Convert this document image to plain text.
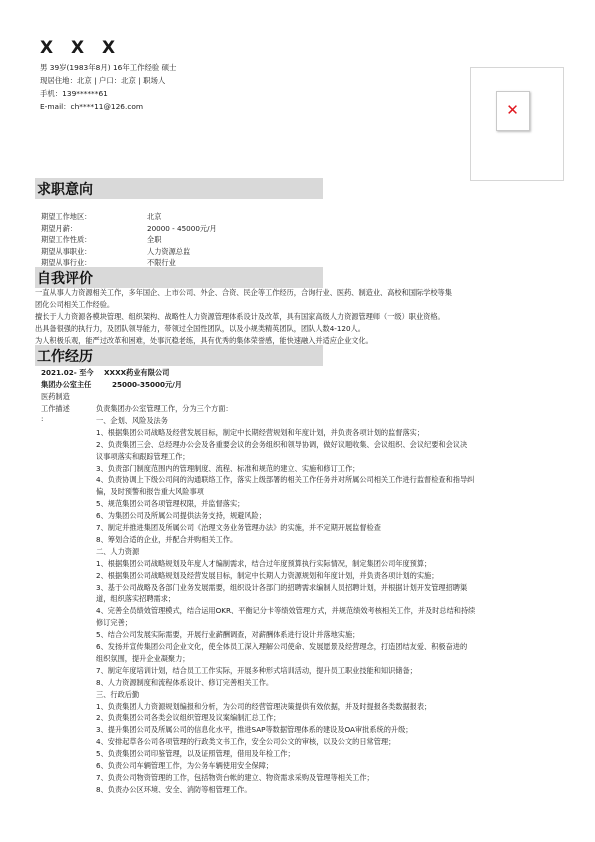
X X X
男 39岁(1983年8月) 16年工作经验 硕士
现居住地：北京 | 户口：北京 | 职场人
手机：139******61
E-mail：ch****11@126.com	✕
求职意向
期望工作地区：	北京
期望月薪：	20000 - 45000元/月
期望工作性质：	全职
期望从事职业：	人力资源总监
期望从事行业：	不限行业
自我评价
一直从事人力资源相关工作，多年国企、上市公司、外企、合资、民企等工作经历，合询行业、医药、制造业、高校和国际学校等集
团化公司相关工作经验。
擅长于人力资源各模块管理、组织架构、战略性人力资源管理体系设计及改革，具有国家高级人力资源管理师（一级）职业资格。
出具备很强的执行力，及团队领导能力，带领过全国性团队，以及小规类精英团队，团队人数4-120人。
为人积极乐观，能严过改革和困难，处事沉稳老练，具有优秀的集体荣誉感，能快速融入并适应企业文化。
工作经历
2021.02- 至今 XXXX药业有限公司
集团办公室主任	25000-35000元/月
医药制造
工作描述
:
负责集团办公室管理工作，分为三个方面：
一、企划、风险及法务
1、根据集团公司战略及经营发展目标，制定中长期经营规划和年度计划，并负责各项计划的监督落实；
2、负责集团三会、总经理办公会及各重要会议的会务组织和领导协调，做好议题收集、会议组织、会议纪要和会议决
议事项落实和跟踪管理工作；
3、负责部门制度范围内的管理制度、流程、标准和规范的建立、实施和修订工作；
4、负责协调上下级公司间的沟通联络工作，落实上级部署的相关工作任务并对所属公司相关工作进行监督检查和指导纠
偏，及时预警和报告重大风险事项
5、规范集团公司各项管理权限，并监督落实；
6、为集团公司及所属公司提供法务支持，规避风险；
7、制定并推进集团及所属公司《治理文务业务管理办法》的实施，并不定期开展监督检查
8、筹划合适的企业，并配合并购相关工作。
二、人力资源
1、根据集团公司战略规划及年度人才编制需求，结合过年度预算执行实际情况，制定集团公司年度预算；
2、根据集团公司战略规划及经营发展目标，制定中长期人力资源规划和年度计划，并负责各项计划的实施；
3、基于公司战略及各部门业务发展需要，组织设计各部门的招聘需求编制人员招聘计划，并根据计划开发管理招聘渠
道，组织落实招聘需求；
4、完善全员绩效管理模式，结合运用OKR、平衡记分卡等绩效管理方式，并规范绩效考核相关工作，并及时总结和持续
修订完善；
5、结合公司发展实际需要，开展行业薪酬调查，对薪酬体系进行设计并落地实施；
6、发扬并宣传集团公司企业文化，使全体员工深入理解公司使命、发展愿景及经营理念，打造团结友爱、积极奋进的
组织氛围，提升企业凝聚力；
7、制定年度培训计划，结合员工工作实际，开展多种形式培训活动，提升员工职业技能和知识储备；
8、人力资源制度和流程体系设计、修订完善相关工作。
三、行政后勤
1、负责集团人力资源规划编报和分析，为公司的经营管理决策提供有效依据，并及时提报各类数据报表；
2、负责集团公司各类会议组织管理及议案编制汇总工作；
3、提升集团公司及所属公司的信息化水平，推进SAP等数据管理体系的建设及OA审批系统的升级；
4、安排起草各公司各项管理的行政类文书工作，安全公司公文的审核，以及公文的日常管理；
5、负责集团公司印鉴管理，以及证照管理，借用及年检工作；
6、负责公司车辆管理工作，为公务车辆使用安全保障；
7、负责公司物资管理的工作，包括物资台帐的建立、物资需求采购及管理等相关工作；
8、负责办公区环境、安全、消防等相管理工作。
